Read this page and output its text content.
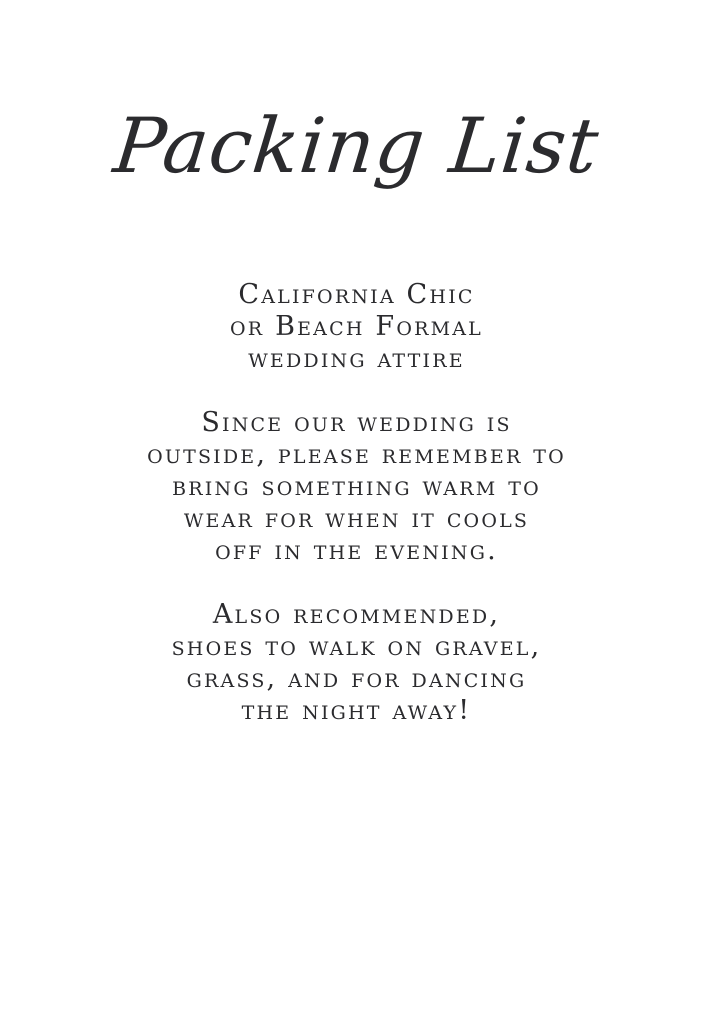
Packing List

California Chic
or Beach Formal
wedding attire

Since our wedding is
outside, please remember to
bring something warm to
wear for when it cools
off in the evening.

Also recommended,
shoes to walk on gravel,
grass, and for dancing
the night away!
